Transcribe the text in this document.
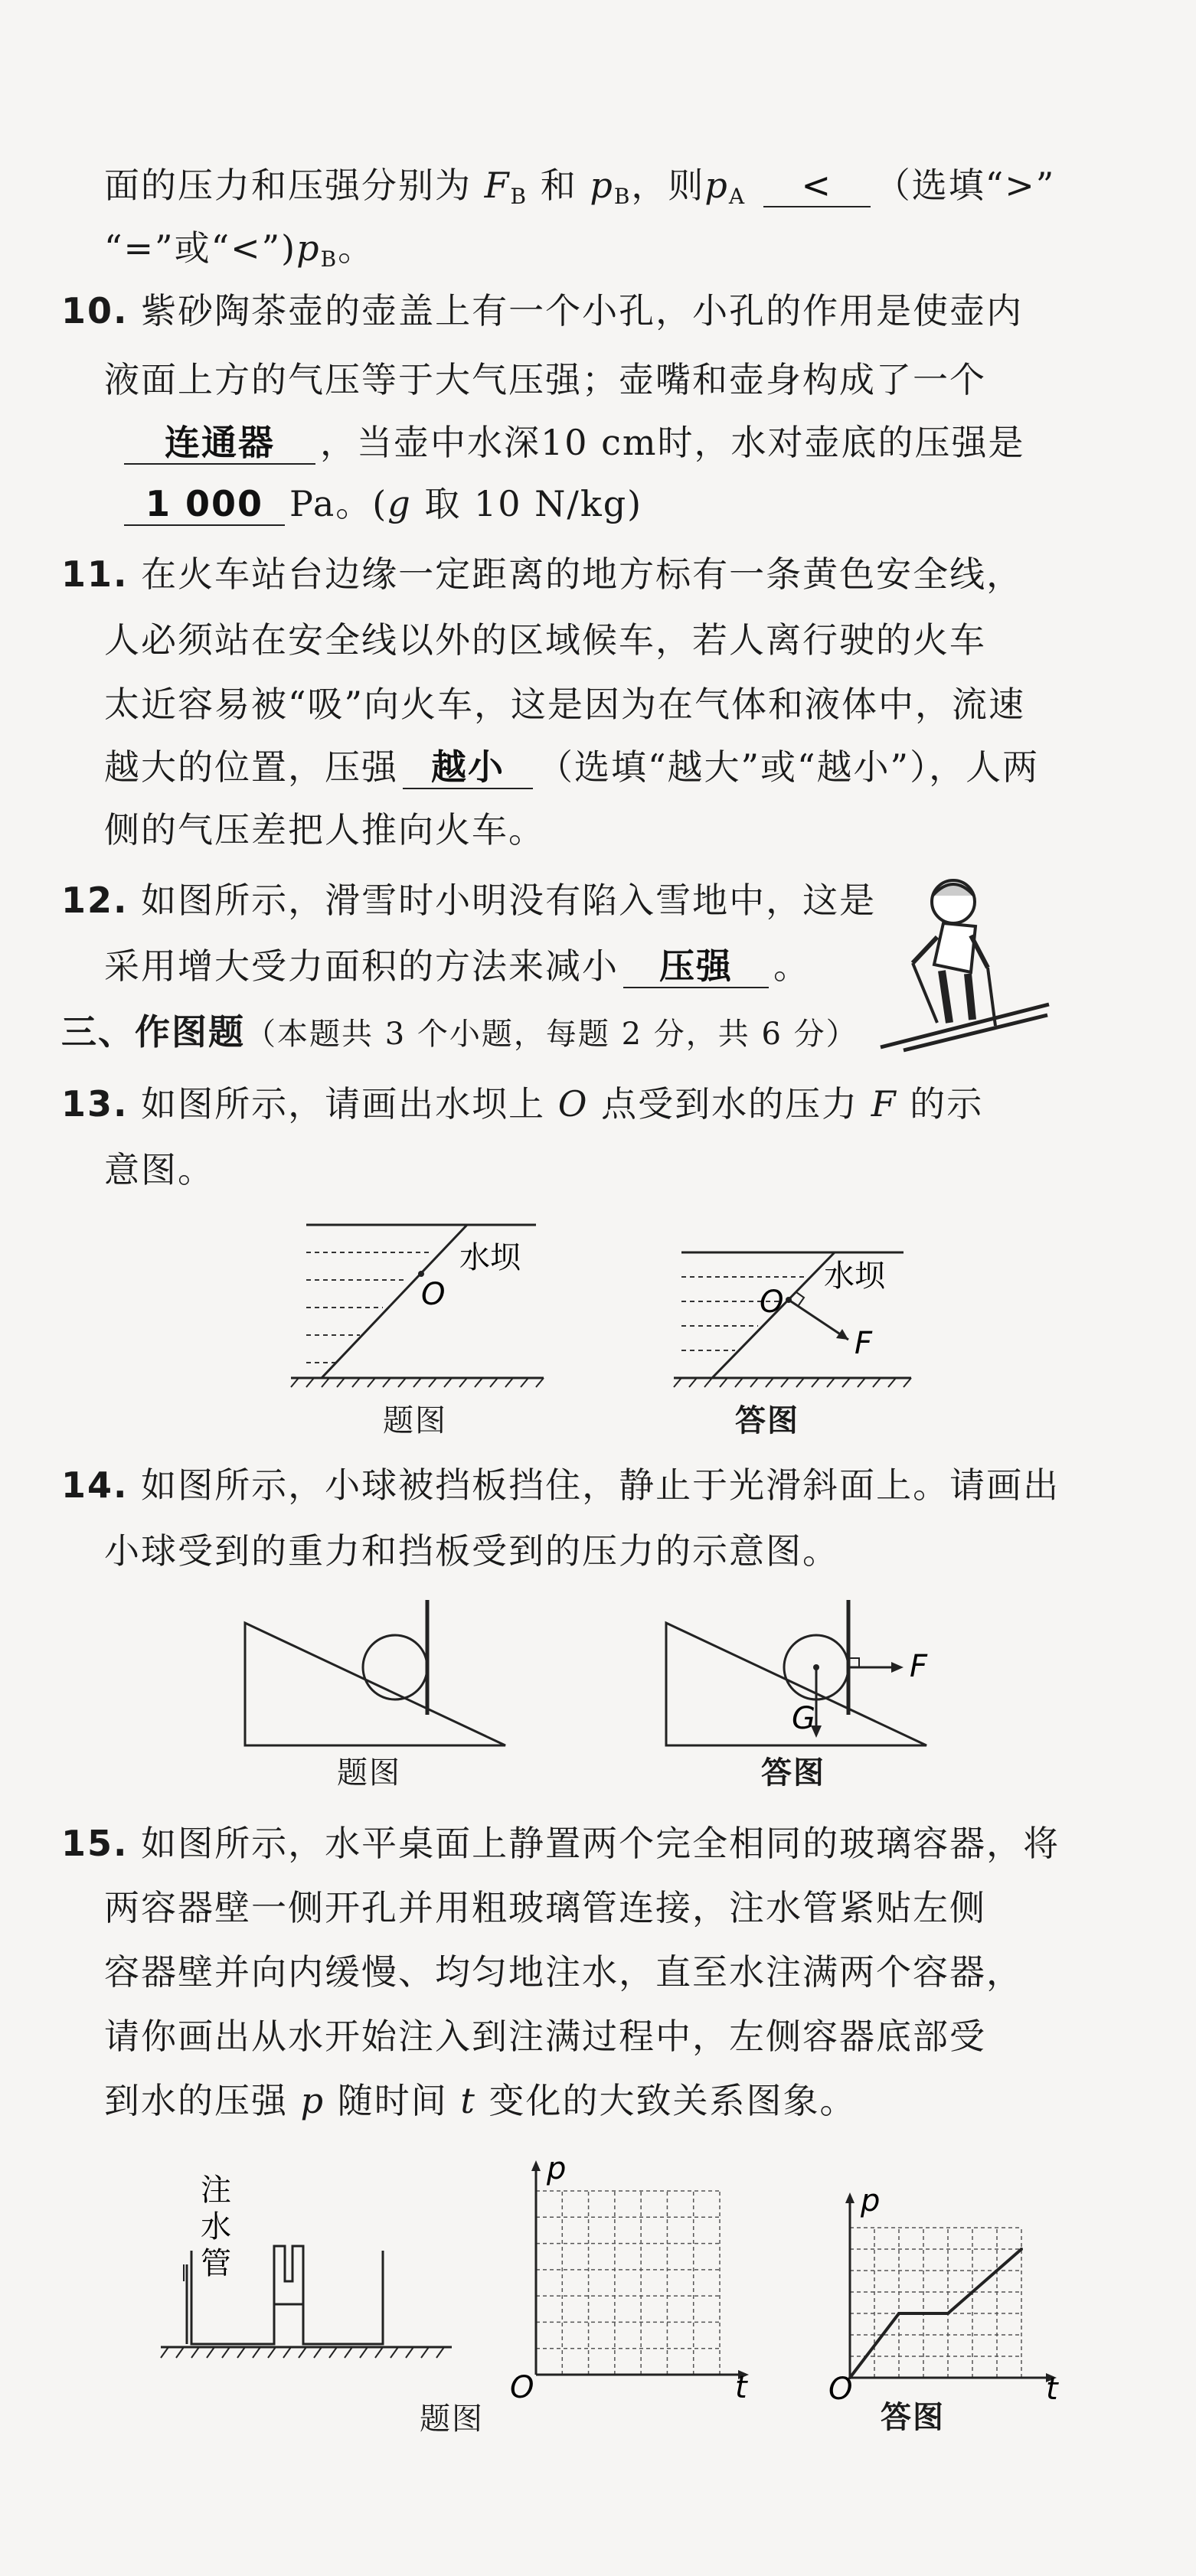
面的压力和压强分别为 FB 和 pB，则pA < （选填“>”
“=”或“<”)pB。
10. 紫砂陶茶壶的壶盖上有一个小孔，小孔的作用是使壶内
液面上方的气压等于大气压强；壶嘴和壶身构成了一个
连通器 ，当壶中水深10 cm时，水对壶底的压强是
1 000 Pa。(g 取 10 N/kg)
11. 在火车站台边缘一定距离的地方标有一条黄色安全线，
人必须站在安全线以外的区域候车，若人离行驶的火车
太近容易被“吸”向火车，这是因为在气体和液体中，流速
越大的位置，压强 越小 （选填“越大”或“越小”），人两
侧的气压差把人推向火车。
12. 如图所示，滑雪时小明没有陷入雪地中，这是
采用增大受力面积的方法来减小 压强 。
三、作图题（本题共 3 个小题，每题 2 分，共 6 分）
13. 如图所示，请画出水坝上 O 点受到水的压力 F 的示
意图。
O
水坝
题图
O
F
水坝
答图
14. 如图所示，小球被挡板挡住，静止于光滑斜面上。请画出
小球受到的重力和挡板受到的压力的示意图。
题图
F
G
答图
15. 如图所示，水平桌面上静置两个完全相同的玻璃容器，将
两容器壁一侧开孔并用粗玻璃管连接，注水管紧贴左侧
容器壁并向内缓慢、均匀地注水，直至水注满两个容器，
请你画出从水开始注入到注满过程中，左侧容器底部受
到水的压强 p 随时间 t 变化的大致关系图象。
注
水
管
p
t
O
题图
p
t
O
答图
